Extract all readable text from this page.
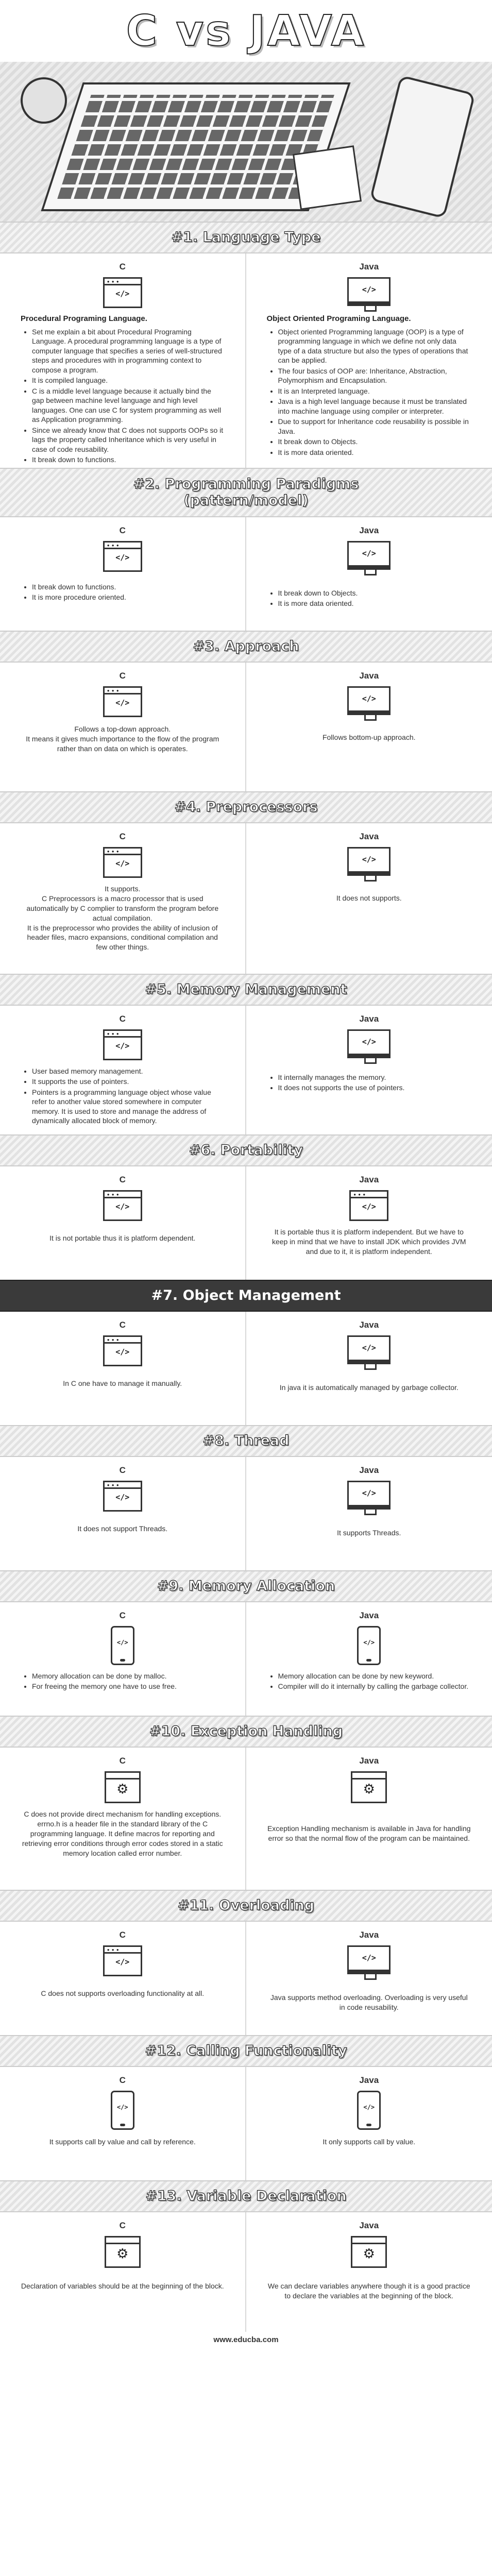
C vs JAVA
#1. Language Type
C
● ● ●
</>
Procedural Programing Language.
• Set me explain a bit about Procedural Programing Language. A procedural programming language is a type of computer language that specifies a series of well-structured steps and procedures with in programming context to compose a program.
• It is compiled language.
• C is a middle level language because it actually bind the gap between machine level language and high level languages. One can use C for system programming as well as Application programming.
• Since we already know that C does not supports OOPs so it lags the property called Inheritance which is very useful in case of code reusability.
• It break down to functions.
•
Java
</>
Object Oriented Programing Language.
• Object oriented Programming language (OOP) is a type of programming language in which we define not only data type of a data structure but also the types of operations that can be applied.
• The four basics of OOP are: Inheritance, Abstraction, Polymorphism and Encapsulation.
• It is an Interpreted language.
• Java is a high level language because it must be translated into machine language using compiler or interpreter.
• Due to support for Inheritance code reusability is possible in Java.
• It break down to Objects.
• It is more data oriented.
#2. Programming Paradigms (pattern/model)
C
● ● ●
</>
• It break down to functions.
• It is more procedure oriented.
Java
</>
• It break down to Objects.
• It is more data oriented.
#3. Approach
C
● ● ●
</>

Follows a top-down approach.
It means it gives much importance to the flow of the program rather than on data on which is operates.

Java
</>

Follows bottom-up approach.

#4. Preprocessors
C
● ● ●
</>

It supports.
C Preprocessors is a macro processor that is used automatically by C complier to transform the program before actual compilation.
It is the preprocessor who provides the ability of inclusion of header files, macro expansions, conditional compilation and few other things.

Java
</>

It does not supports.

#5. Memory Management
C
● ● ●
</>
• User based memory management.
• It supports the use of pointers.
• Pointers is a programming language object whose value refer to another value stored somewhere in computer memory. It is used to store and manage the address of dynamically allocated block of memory.
Java
</>
• It internally manages the memory.
• It does not supports the use of pointers.
#6. Portability
C
● ● ●
</>

It is not portable thus it is platform dependent.

Java
● ● ●
</>

It is portable thus it is platform independent. But we have to keep in mind that we have to install JDK which provides JVM and due to it, it is platform independent.

#7. Object Management
C
● ● ●
</>

In C one have to manage it manually.

Java
</>

In java it is automatically managed by garbage collector.

#8. Thread
C
● ● ●
</>

It does not support Threads.

Java
</>

It supports Threads.

#9. Memory Allocation
C
</>
• Memory allocation can be done by malloc.
• For freeing the memory one have to use free.
Java
</>
• Memory allocation can be done by new keyword.
• Compiler will do it internally by calling the garbage collector.
#10. Exception Handling
C
⚙

C does not provide direct mechanism for handling exceptions.
errno.h is a header file in the standard library of the C programming language. It define macros for reporting and retrieving error conditions through error codes stored in a static memory location called error number.

Java
⚙

Exception Handling mechanism is available in Java for handling error so that the normal flow of the program can be maintained.

#11. Overloading
C
● ● ●
</>

C does not supports overloading functionality at all.

Java
</>

Java supports method overloading. Overloading is very useful in code reusability.

#12. Calling Functionality
C
</>

It supports call by value and call by reference.

Java
</>

It only supports call by value.

#13. Variable Declaration
C
⚙

Declaration of variables should be at the beginning of the block.

Java
⚙

We can declare variables anywhere though it is a good practice to declare the variables at the beginning of the block.

www.educba.com
